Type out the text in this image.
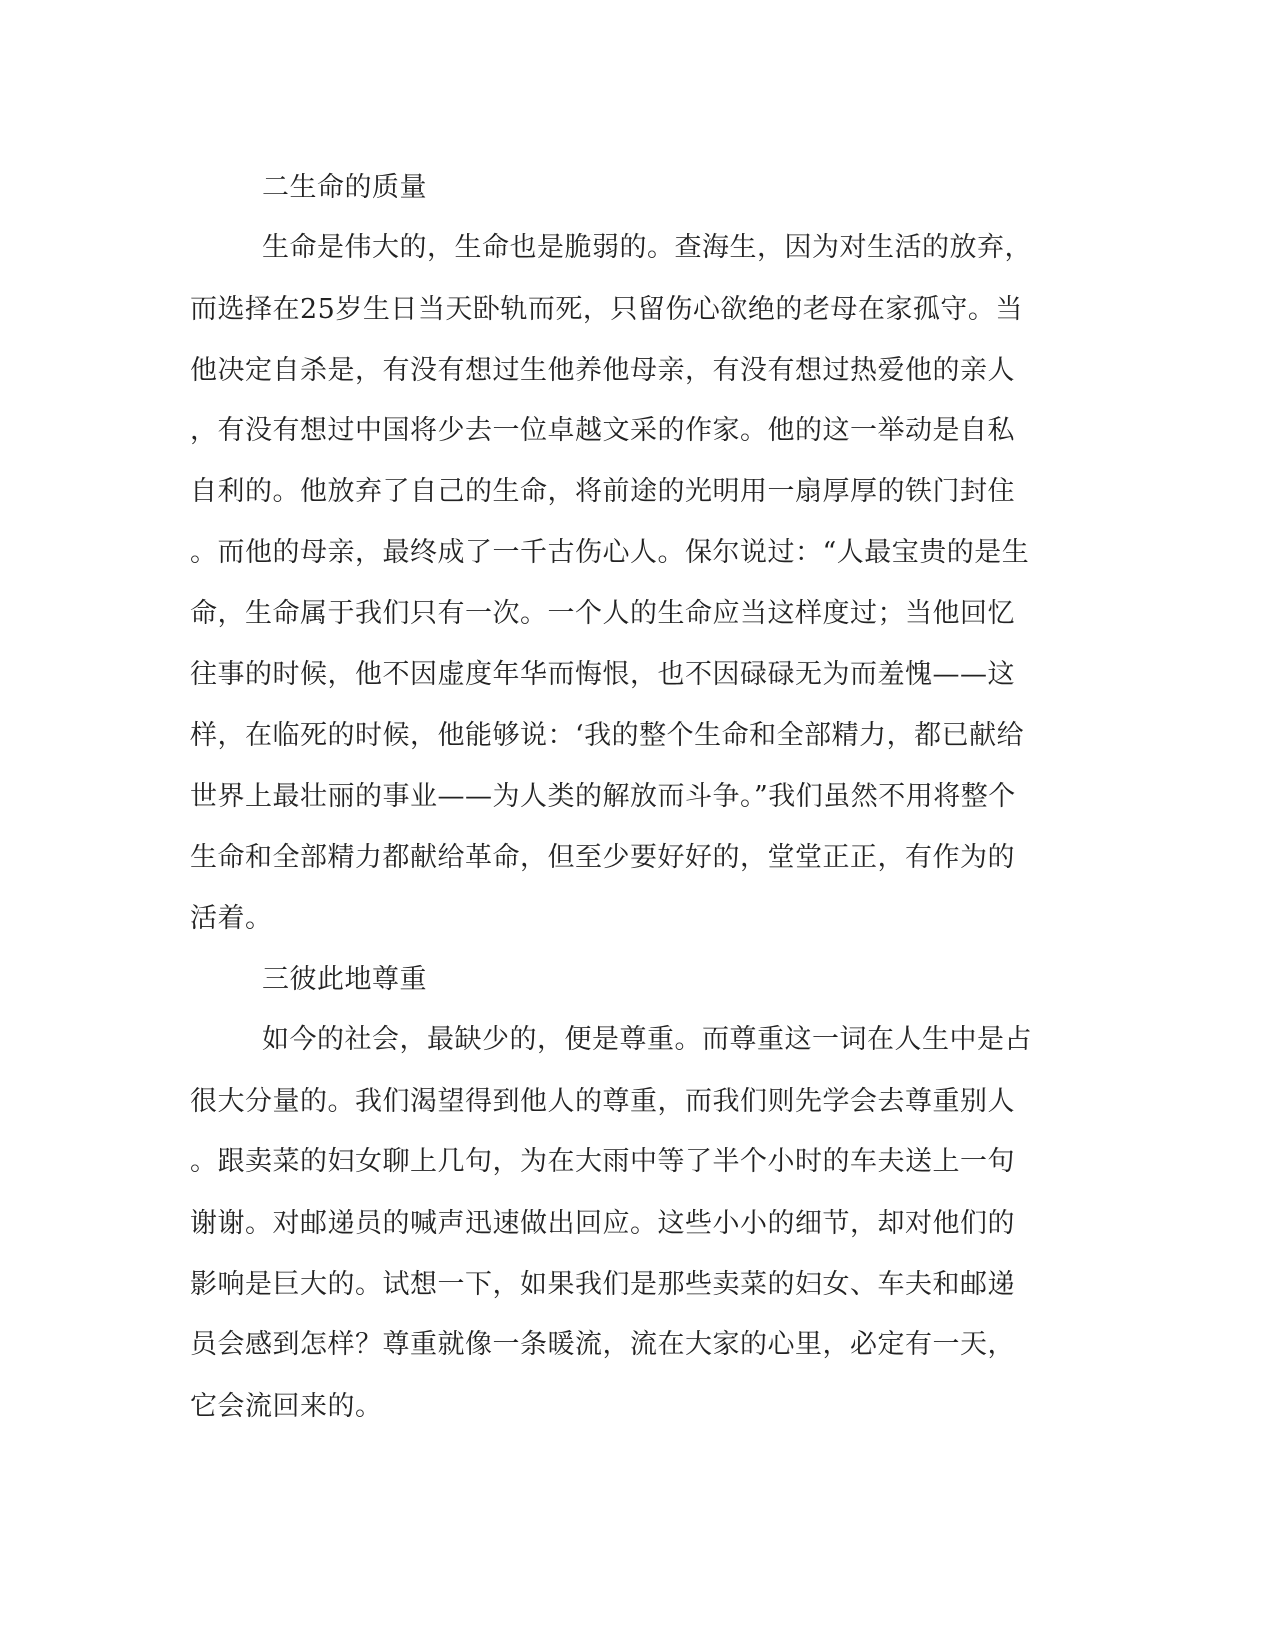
二生命的质量

生命是伟大的，生命也是脆弱的。查海生，因为对生活的放弃，

而选择在25岁生日当天卧轨而死，只留伤心欲绝的老母在家孤守。当

他决定自杀是，有没有想过生他养他母亲，有没有想过热爱他的亲人

，有没有想过中国将少去一位卓越文采的作家。他的这一举动是自私

自利的。他放弃了自己的生命，将前途的光明用一扇厚厚的铁门封住

。而他的母亲，最终成了一千古伤心人。保尔说过：“人最宝贵的是生

命，生命属于我们只有一次。一个人的生命应当这样度过；当他回忆

往事的时候，他不因虚度年华而悔恨，也不因碌碌无为而羞愧——这

样，在临死的时候，他能够说：‘我的整个生命和全部精力，都已献给

世界上最壮丽的事业——为人类的解放而斗争。”我们虽然不用将整个

生命和全部精力都献给革命，但至少要好好的，堂堂正正，有作为的

活着。

三彼此地尊重

如今的社会，最缺少的，便是尊重。而尊重这一词在人生中是占

很大分量的。我们渴望得到他人的尊重，而我们则先学会去尊重别人

。跟卖菜的妇女聊上几句，为在大雨中等了半个小时的车夫送上一句

谢谢。对邮递员的喊声迅速做出回应。这些小小的细节，却对他们的

影响是巨大的。试想一下，如果我们是那些卖菜的妇女、车夫和邮递

员会感到怎样？尊重就像一条暖流，流在大家的心里，必定有一天，

它会流回来的。
